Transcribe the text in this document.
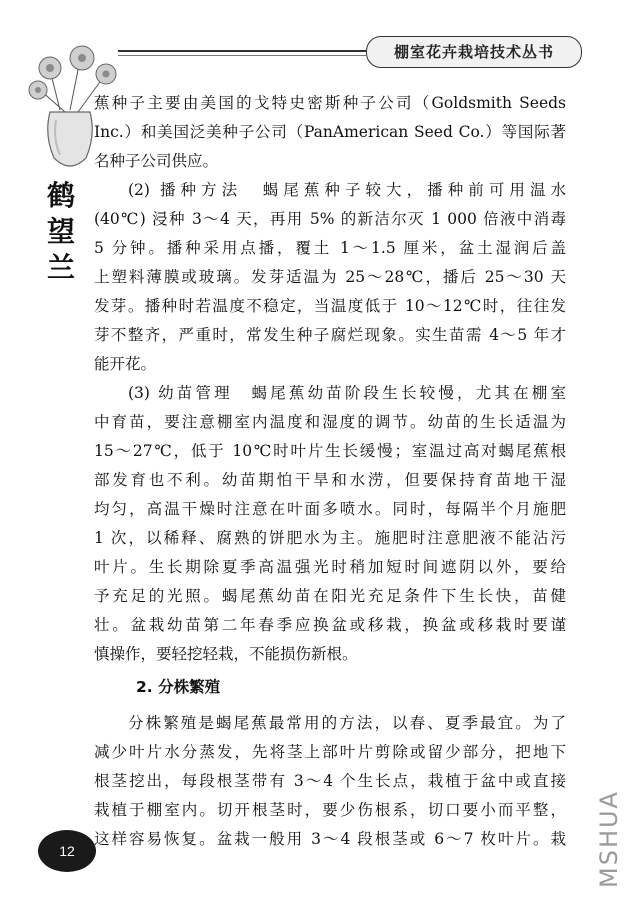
棚室花卉栽培技术丛书
鹤
望
兰
蕉种子主要由美国的戈特史密斯种子公司（Goldsmith Seeds
Inc.）和美国泛美种子公司（PanAmerican Seed Co.）等国际著
名种子公司供应。
(2) 播种方法　蝎尾蕉种子较大，播种前可用温水
(40℃) 浸种 3～4 天，再用 5% 的新洁尔灭 1 000 倍液中消毒
5 分钟。播种采用点播，覆土 1～1.5 厘米，盆土湿润后盖
上塑料薄膜或玻璃。发芽适温为 25～28℃，播后 25～30 天
发芽。播种时若温度不稳定，当温度低于 10～12℃时，往往发
芽不整齐，严重时，常发生种子腐烂现象。实生苗需 4～5 年才
能开花。
(3) 幼苗管理　蝎尾蕉幼苗阶段生长较慢，尤其在棚室
中育苗，要注意棚室内温度和湿度的调节。幼苗的生长适温为
15～27℃，低于 10℃时叶片生长缓慢；室温过高对蝎尾蕉根
部发育也不利。幼苗期怕干旱和水涝，但要保持育苗地干湿
均匀，高温干燥时注意在叶面多喷水。同时，每隔半个月施肥
1 次，以稀释、腐熟的饼肥水为主。施肥时注意肥液不能沾污
叶片。生长期除夏季高温强光时稍加短时间遮阴以外，要给
予充足的光照。蝎尾蕉幼苗在阳光充足条件下生长快，苗健
壮。盆栽幼苗第二年春季应换盆或移栽，换盆或移栽时要谨
慎操作，要轻挖轻栽，不能损伤新根。
2. 分株繁殖
分株繁殖是蝎尾蕉最常用的方法，以春、夏季最宜。为了
减少叶片水分蒸发，先将茎上部叶片剪除或留少部分，把地下
根茎挖出，每段根茎带有 3～4 个生长点，栽植于盆中或直接
栽植于棚室内。切开根茎时，要少伤根系，切口要小而平整，
这样容易恢复。盆栽一般用 3～4 段根茎或 6～7 枚叶片。栽
12	MSHUA
